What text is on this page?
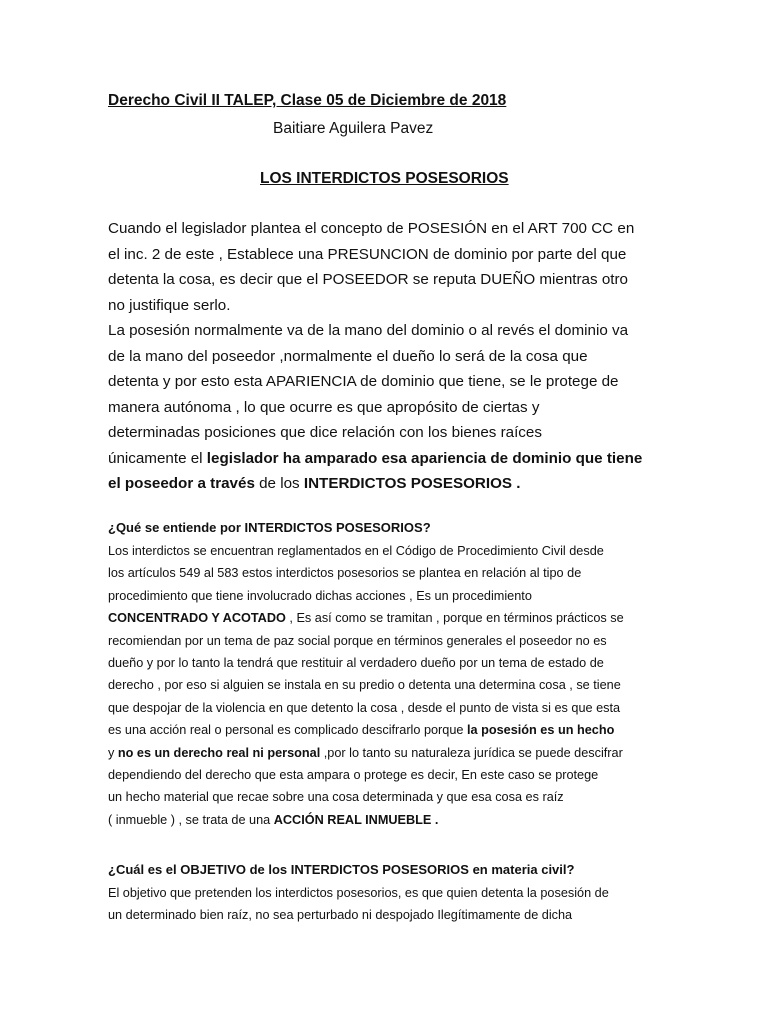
Derecho Civil II TALEP, Clase 05 de Diciembre de 2018

Baitiare Aguilera Pavez

LOS INTERDICTOS POSESORIOS

Cuando el legislador plantea el concepto de POSESIÓN en el ART 700 CC en
el inc. 2 de este , Establece una PRESUNCION de dominio por parte del que
detenta la cosa, es decir que el POSEEDOR se reputa DUEÑO mientras otro
no justifique serlo.
La posesión normalmente va de la mano del dominio o al revés el dominio va
de la mano del poseedor ,normalmente el dueño lo será de la cosa que
detenta y por esto esta APARIENCIA de dominio que tiene, se le protege de
manera autónoma , lo que ocurre es que apropósito de ciertas y
determinadas posiciones que dice relación con los bienes raíces
únicamente el legislador ha amparado esa apariencia de dominio que tiene
el poseedor a través de los INTERDICTOS POSESORIOS .

¿Qué se entiende por INTERDICTOS POSESORIOS?

Los interdictos se encuentran reglamentados en el Código de Procedimiento Civil desde
los artículos 549 al 583 estos interdictos posesorios se plantea en relación al tipo de
procedimiento que tiene involucrado dichas acciones , Es un procedimiento
CONCENTRADO Y ACOTADO , Es así como se tramitan , porque en términos prácticos se
recomiendan por un tema de paz social porque en términos generales el poseedor no es
dueño y por lo tanto la tendrá que restituir al verdadero dueño por un tema de estado de
derecho , por eso si alguien se instala en su predio o detenta una determina cosa , se tiene
que despojar de la violencia en que detento la cosa , desde el punto de vista si es que esta
es una acción real o personal es complicado descifrarlo porque la posesión es un hecho
y no es un derecho real ni personal ,por lo tanto su naturaleza jurídica se puede descifrar
dependiendo del derecho que esta ampara o protege es decir, En este caso se protege
un hecho material que recae sobre una cosa determinada y que esa cosa es raíz
( inmueble ) , se trata de una ACCIÓN REAL INMUEBLE .

¿Cuál es el OBJETIVO de los INTERDICTOS POSESORIOS en materia civil?

El objetivo que pretenden los interdictos posesorios, es que quien detenta la posesión de
un determinado bien raíz, no sea perturbado ni despojado Ilegítimamente de dicha
